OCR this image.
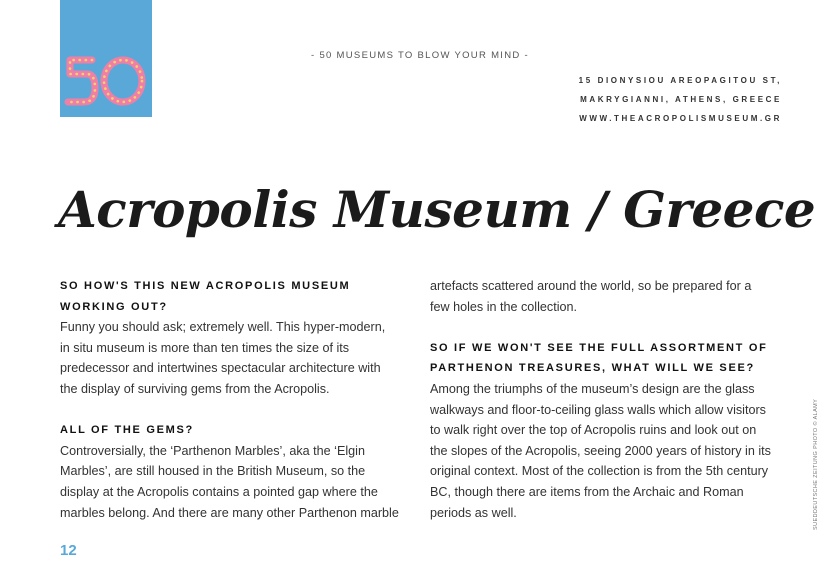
- 50 MUSEUMS TO BLOW YOUR MIND -
15 DIONYSIOU AREOPAGITOU ST,
MAKRYGIANNI, ATHENS, GREECE
WWW.THEACROPOLISMUSEUM.GR
Acropolis Museum / Greece

SO HOW'S THIS NEW ACROPOLIS MUSEUM

WORKING OUT?

Funny you should ask; extremely well. This hyper-modern,

in situ museum is more than ten times the size of its

predecessor and intertwines spectacular architecture with

the display of surviving gems from the Acropolis.

ALL OF THE GEMS?

Controversially, the ‘Parthenon Marbles’, aka the ‘Elgin

Marbles’, are still housed in the British Museum, so the

display at the Acropolis contains a pointed gap where the

marbles belong. And there are many other Parthenon marble

artefacts scattered around the world, so be prepared for a

few holes in the collection.

SO IF WE WON'T SEE THE FULL ASSORTMENT OF

PARTHENON TREASURES, WHAT WILL WE SEE?

Among the triumphs of the museum’s design are the glass

walkways and floor-to-ceiling glass walls which allow visitors

to walk right over the top of Acropolis ruins and look out on

the slopes of the Acropolis, seeing 2000 years of history in its

original context. Most of the collection is from the 5th century

BC, though there are items from the Archaic and Roman

periods as well.

12
SUEDDEUTSCHE ZEITUNG PHOTO © ALAMY
